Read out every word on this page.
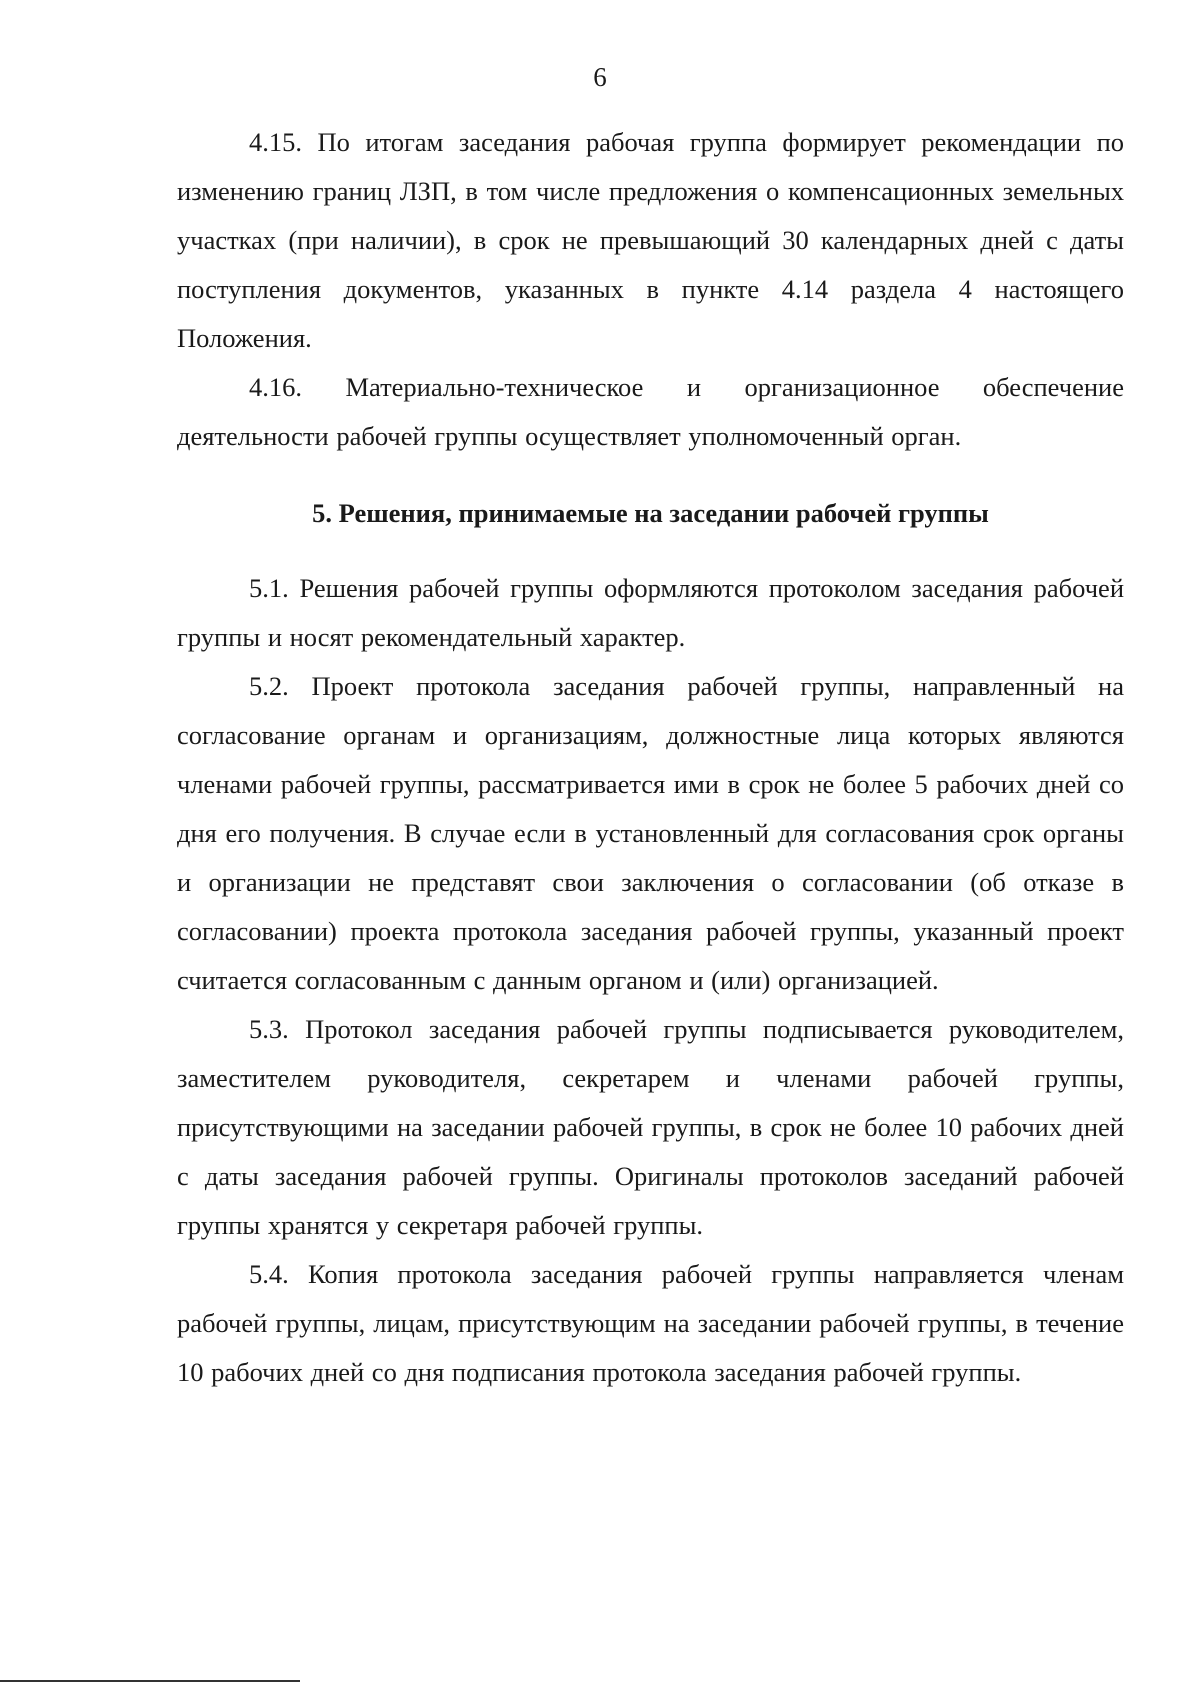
6

4.15. По итогам заседания рабочая группа формирует рекомендации по изменению границ ЛЗП, в том числе предложения о компенсационных земельных участках (при наличии), в срок не превышающий 30 календарных дней с даты поступления документов, указанных в пункте 4.14 раздела 4 настоящего Положения.

4.16. Материально-техническое и организационное обеспечение деятельности рабочей группы осуществляет уполномоченный орган.

5. Решения, принимаемые на заседании рабочей группы

5.1. Решения рабочей группы оформляются протоколом заседания рабочей группы и носят рекомендательный характер.

5.2. Проект протокола заседания рабочей группы, направленный на согласование органам и организациям, должностные лица которых являются членами рабочей группы, рассматривается ими в срок не более 5 рабочих дней со дня его получения. В случае если в установленный для согласования срок органы и организации не представят свои заключения о согласовании (об отказе в согласовании) проекта протокола заседания рабочей группы, указанный проект считается согласованным с данным органом и (или) организацией.

5.3. Протокол заседания рабочей группы подписывается руководителем, заместителем руководителя, секретарем и членами рабочей группы, присутствующими на заседании рабочей группы, в срок не более 10 рабочих дней с даты заседания рабочей группы. Оригиналы протоколов заседаний рабочей группы хранятся у секретаря рабочей группы.

5.4. Копия протокола заседания рабочей группы направляется членам рабочей группы, лицам, присутствующим на заседании рабочей группы, в течение 10 рабочих дней со дня подписания протокола заседания рабочей группы.
